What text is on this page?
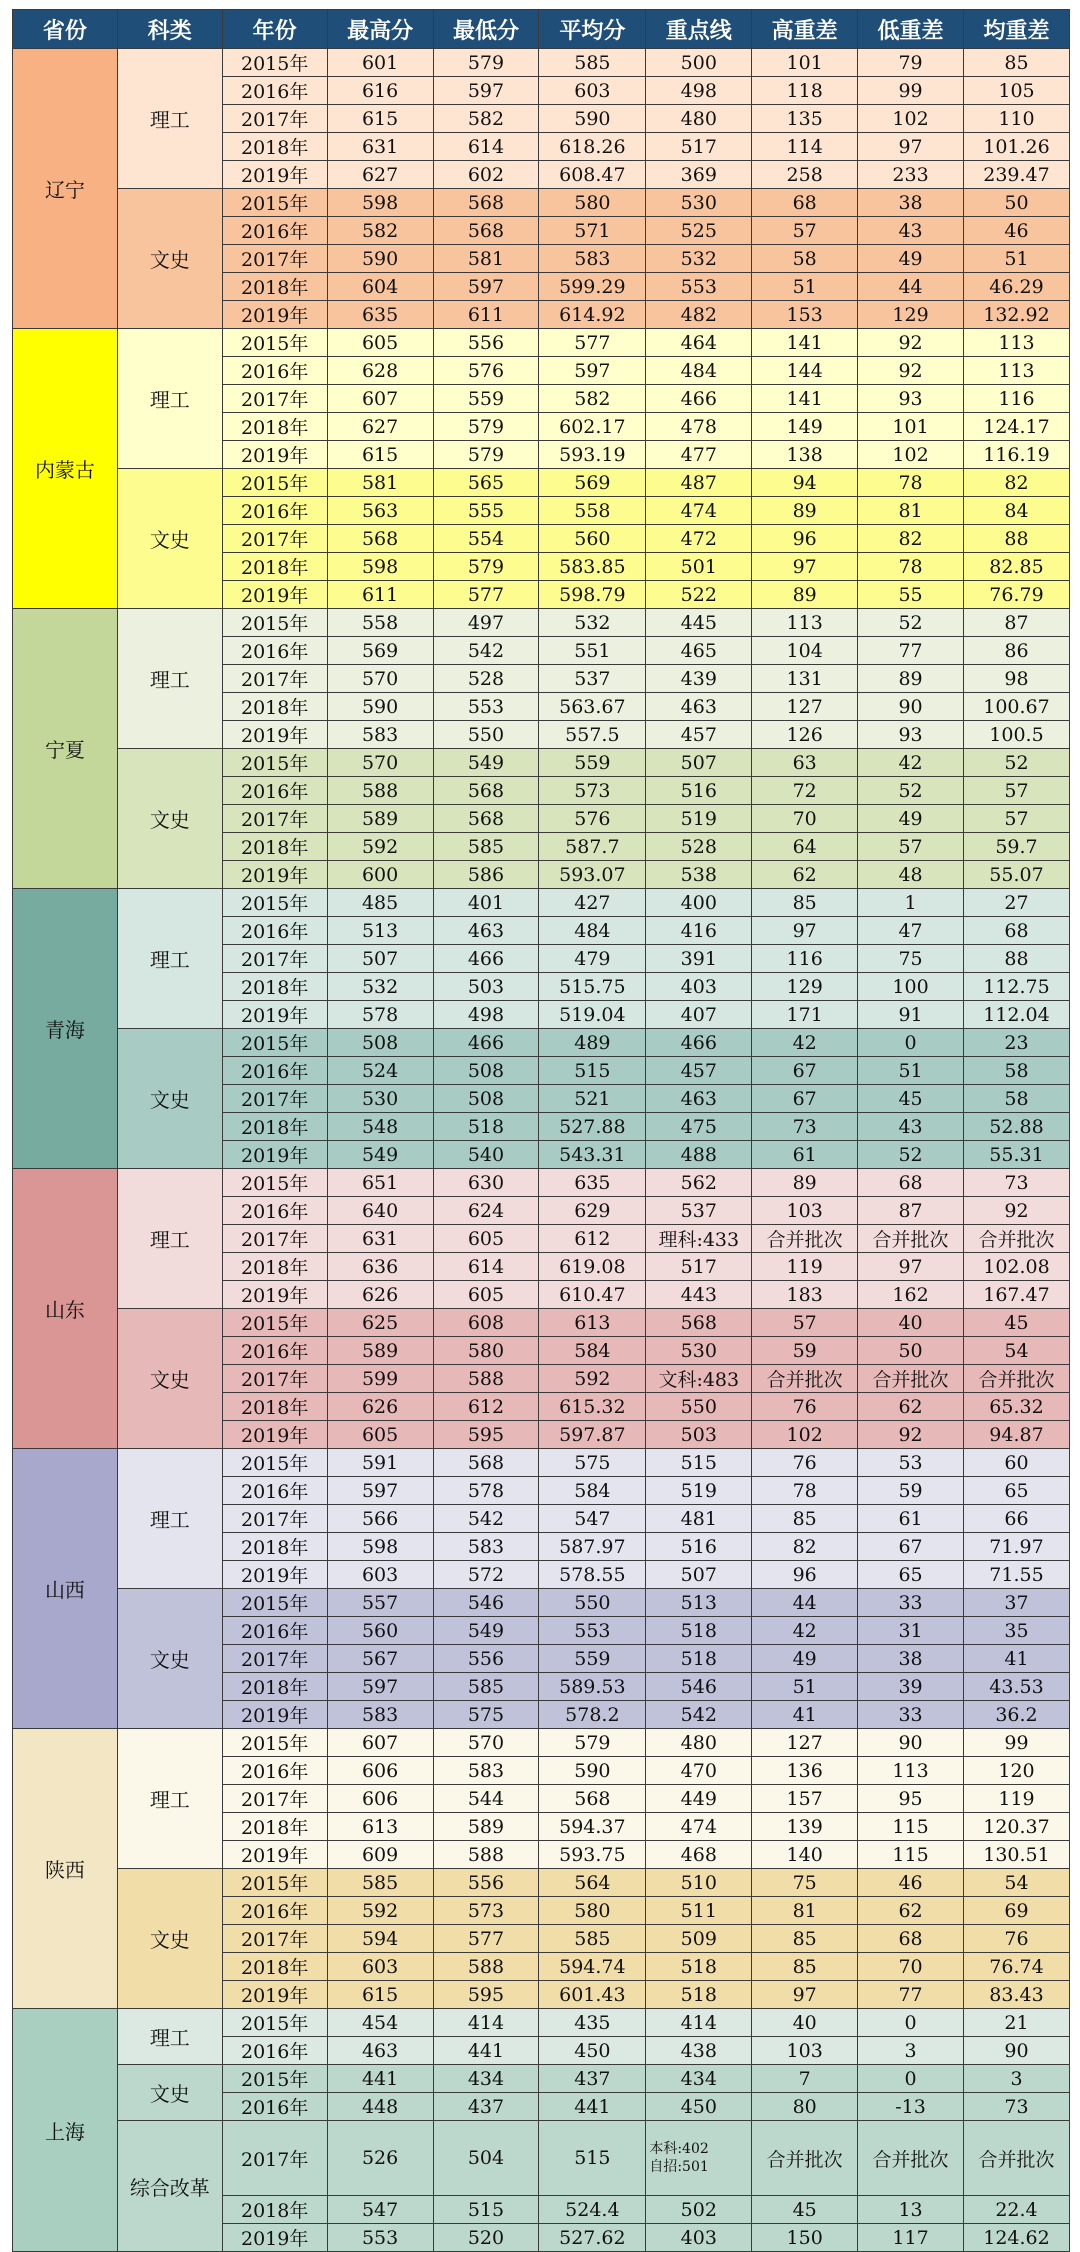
省份	科类	年份	最高分	最低分	平均分	重点线	高重差	低重差	均重差
辽宁	理工	2015年	601	579	585	500	101	79	85
		2016年	616	597	603	498	118	99	105
		2017年	615	582	590	480	135	102	110
		2018年	631	614	618.26	517	114	97	101.26
		2019年	627	602	608.47	369	258	233	239.47
	文史	2015年	598	568	580	530	68	38	50
		2016年	582	568	571	525	57	43	46
		2017年	590	581	583	532	58	49	51
		2018年	604	597	599.29	553	51	44	46.29
		2019年	635	611	614.92	482	153	129	132.92
内蒙古	理工	2015年	605	556	577	464	141	92	113
		2016年	628	576	597	484	144	92	113
		2017年	607	559	582	466	141	93	116
		2018年	627	579	602.17	478	149	101	124.17
		2019年	615	579	593.19	477	138	102	116.19
	文史	2015年	581	565	569	487	94	78	82
		2016年	563	555	558	474	89	81	84
		2017年	568	554	560	472	96	82	88
		2018年	598	579	583.85	501	97	78	82.85
		2019年	611	577	598.79	522	89	55	76.79
宁夏	理工	2015年	558	497	532	445	113	52	87
		2016年	569	542	551	465	104	77	86
		2017年	570	528	537	439	131	89	98
		2018年	590	553	563.67	463	127	90	100.67
		2019年	583	550	557.5	457	126	93	100.5
	文史	2015年	570	549	559	507	63	42	52
		2016年	588	568	573	516	72	52	57
		2017年	589	568	576	519	70	49	57
		2018年	592	585	587.7	528	64	57	59.7
		2019年	600	586	593.07	538	62	48	55.07
青海	理工	2015年	485	401	427	400	85	1	27
		2016年	513	463	484	416	97	47	68
		2017年	507	466	479	391	116	75	88
		2018年	532	503	515.75	403	129	100	112.75
		2019年	578	498	519.04	407	171	91	112.04
	文史	2015年	508	466	489	466	42	0	23
		2016年	524	508	515	457	67	51	58
		2017年	530	508	521	463	67	45	58
		2018年	548	518	527.88	475	73	43	52.88
		2019年	549	540	543.31	488	61	52	55.31
山东	理工	2015年	651	630	635	562	89	68	73
		2016年	640	624	629	537	103	87	92
		2017年	631	605	612	理科:433	合并批次	合并批次	合并批次
		2018年	636	614	619.08	517	119	97	102.08
		2019年	626	605	610.47	443	183	162	167.47
	文史	2015年	625	608	613	568	57	40	45
		2016年	589	580	584	530	59	50	54
		2017年	599	588	592	文科:483	合并批次	合并批次	合并批次
		2018年	626	612	615.32	550	76	62	65.32
		2019年	605	595	597.87	503	102	92	94.87
山西	理工	2015年	591	568	575	515	76	53	60
		2016年	597	578	584	519	78	59	65
		2017年	566	542	547	481	85	61	66
		2018年	598	583	587.97	516	82	67	71.97
		2019年	603	572	578.55	507	96	65	71.55
	文史	2015年	557	546	550	513	44	33	37
		2016年	560	549	553	518	42	31	35
		2017年	567	556	559	518	49	38	41
		2018年	597	585	589.53	546	51	39	43.53
		2019年	583	575	578.2	542	41	33	36.2
陕西	理工	2015年	607	570	579	480	127	90	99
		2016年	606	583	590	470	136	113	120
		2017年	606	544	568	449	157	95	119
		2018年	613	589	594.37	474	139	115	120.37
		2019年	609	588	593.75	468	140	115	130.51
	文史	2015年	585	556	564	510	75	46	54
		2016年	592	573	580	511	81	62	69
		2017年	594	577	585	509	85	68	76
		2018年	603	588	594.74	518	85	70	76.74
		2019年	615	595	601.43	518	97	77	83.43
上海	理工	2015年	454	414	435	414	40	0	21
		2016年	463	441	450	438	103	3	90
	文史	2015年	441	434	437	434	7	0	3
		2016年	448	437	441	450	80	-13	73
	综合改革	2017年	526	504	515	本科:402
自招:501	合并批次	合并批次	合并批次
		2018年	547	515	524.4	502	45	13	22.4
		2019年	553	520	527.62	403	150	117	124.62
